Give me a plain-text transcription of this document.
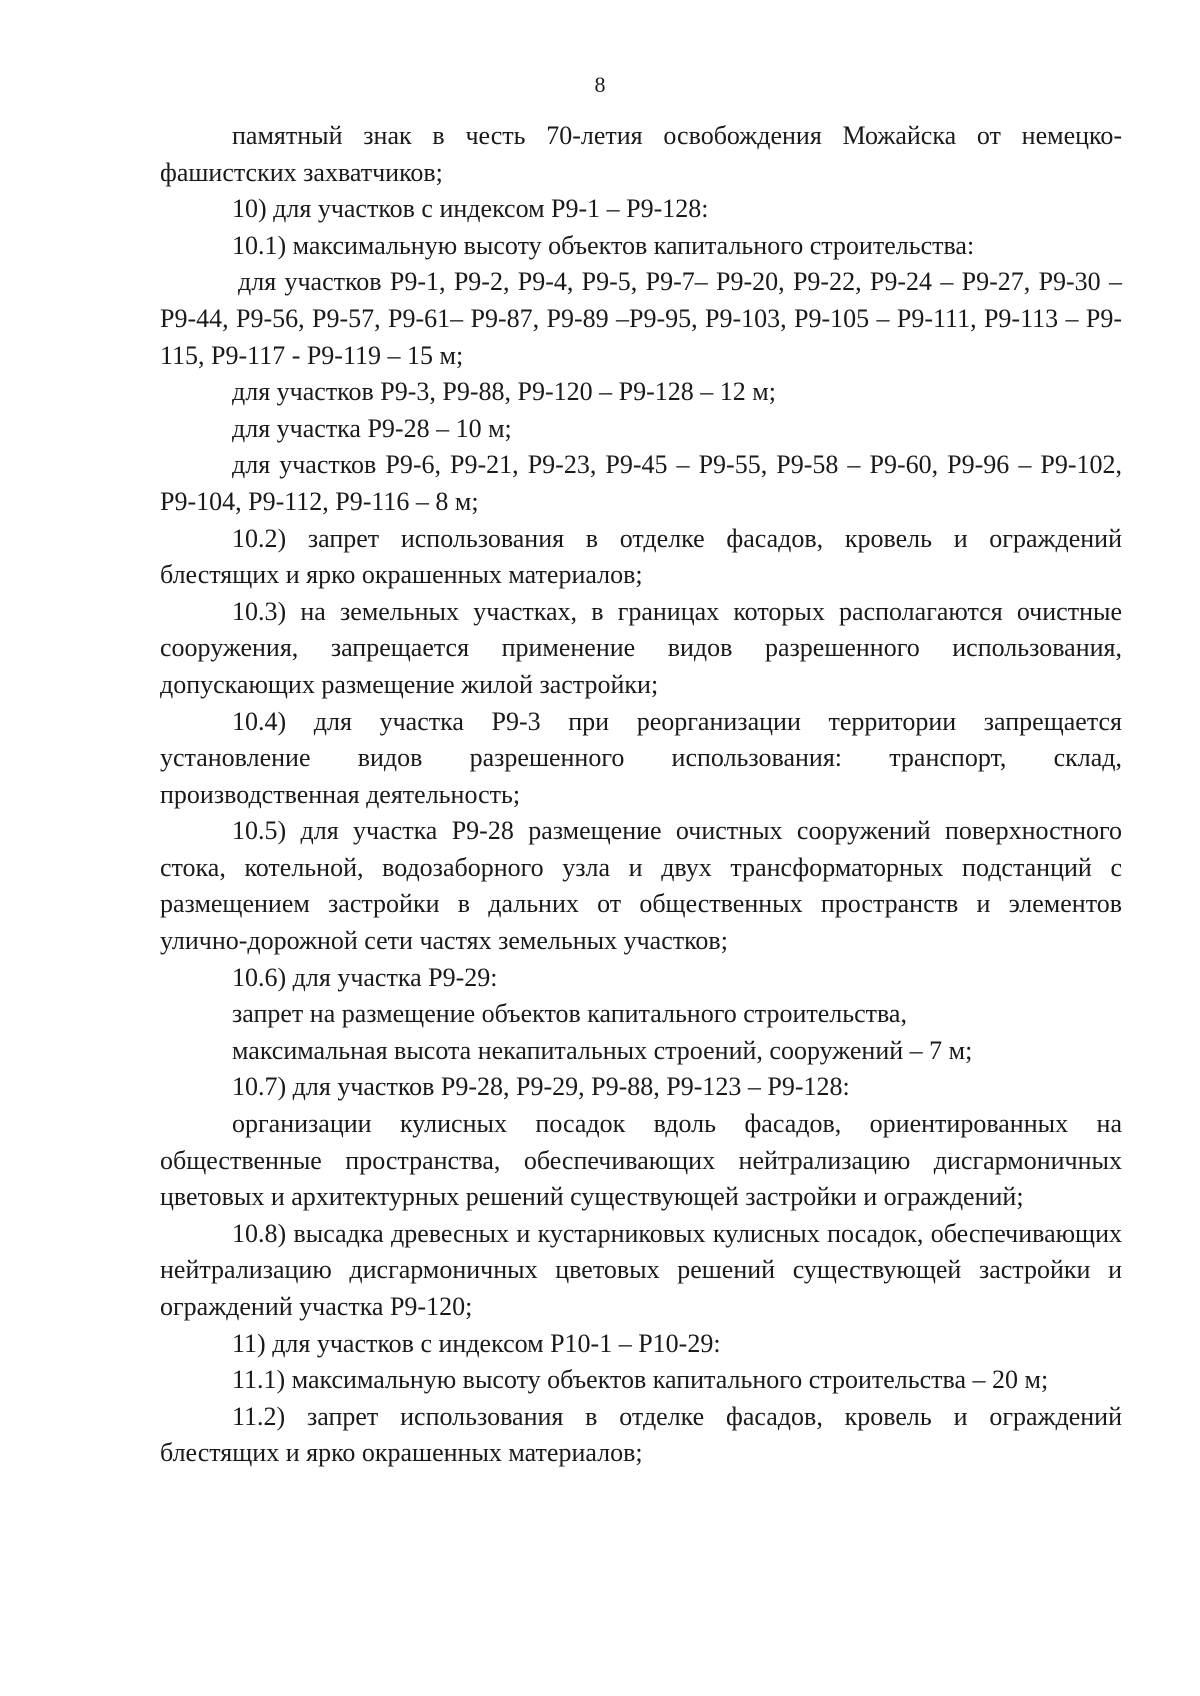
8

памятный знак в честь 70-летия освобождения Можайска от немецко-фашистских захватчиков;

10) для участков с индексом Р9-1 – Р9-128:

10.1) максимальную высоту объектов капитального строительства:

для участков Р9-1, Р9-2, Р9-4, Р9-5, Р9-7– Р9-20, Р9-22, Р9-24 – Р9-27, Р9-30 – Р9-44, Р9-56, Р9-57, Р9-61– Р9-87, Р9-89 –Р9-95, Р9-103, Р9-105 – Р9-111, Р9-113 – Р9-115, Р9-117 - Р9-119 – 15 м;

для участков Р9-3, Р9-88, Р9-120 – Р9-128 – 12 м;

для участка Р9-28 – 10 м;

для участков Р9-6, Р9-21, Р9-23, Р9-45 – Р9-55, Р9-58 – Р9-60, Р9-96 – Р9-102, Р9-104, Р9-112, Р9-116 – 8 м;

10.2) запрет использования в отделке фасадов, кровель и ограждений блестящих и ярко окрашенных материалов;

10.3) на земельных участках, в границах которых располагаются очистные сооружения, запрещается применение видов разрешенного использования, допускающих размещение жилой застройки;

10.4) для участка Р9-3 при реорганизации территории запрещается установление видов разрешенного использования: транспорт, склад, производственная деятельность;

10.5) для участка Р9-28 размещение очистных сооружений поверхностного стока, котельной, водозаборного узла и двух трансформаторных подстанций с размещением застройки в дальних от общественных пространств и элементов улично-дорожной сети частях земельных участков;

10.6) для участка Р9-29:

запрет на размещение объектов капитального строительства,

максимальная высота некапитальных строений, сооружений – 7 м;

10.7) для участков Р9-28, Р9-29, Р9-88, Р9-123 – Р9-128:

организации кулисных посадок вдоль фасадов, ориентированных на общественные пространства, обеспечивающих нейтрализацию дисгармоничных цветовых и архитектурных решений существующей застройки и ограждений;

10.8) высадка древесных и кустарниковых кулисных посадок, обеспечивающих нейтрализацию дисгармоничных цветовых решений существующей застройки и ограждений участка Р9-120;

11) для участков с индексом Р10-1 – Р10-29:

11.1) максимальную высоту объектов капитального строительства – 20 м;

11.2) запрет использования в отделке фасадов, кровель и ограждений блестящих и ярко окрашенных материалов;
